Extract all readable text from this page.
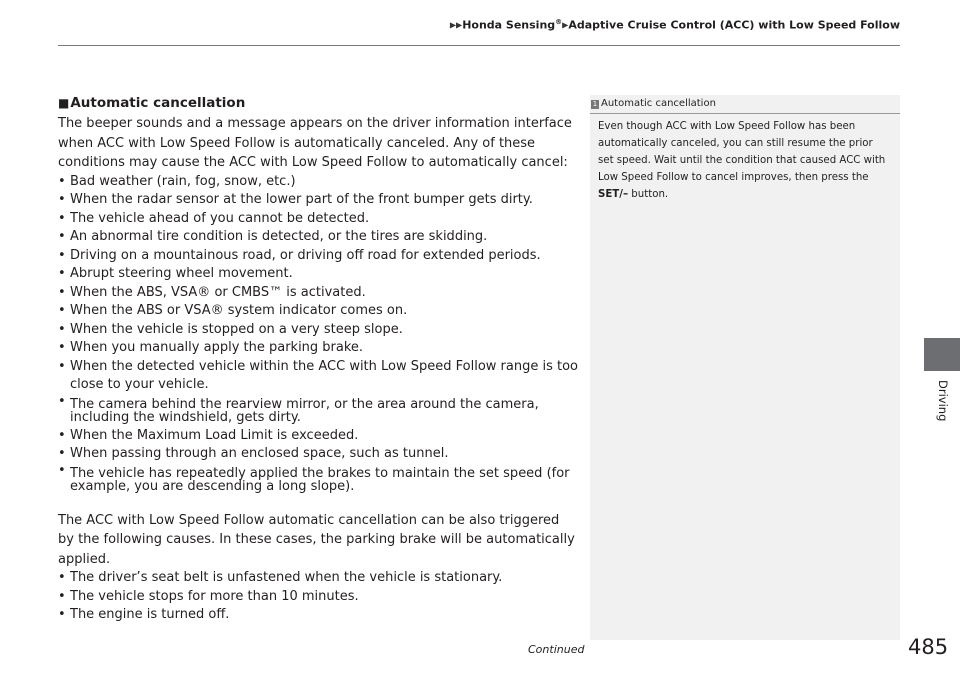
▶▶Honda Sensing®▶Adaptive Cruise Control (ACC) with Low Speed Follow
■Automatic cancellation

The beeper sounds and a message appears on the driver information interface when ACC with Low Speed Follow is automatically canceled. Any of these conditions may cause the ACC with Low Speed Follow to automatically cancel:

• Bad weather (rain, fog, snow, etc.)
• When the radar sensor at the lower part of the front bumper gets dirty.
• The vehicle ahead of you cannot be detected.
• An abnormal tire condition is detected, or the tires are skidding.
• Driving on a mountainous road, or driving off road for extended periods.
• Abrupt steering wheel movement.
• When the ABS, VSA® or CMBS™ is activated.
• When the ABS or VSA® system indicator comes on.
• When the vehicle is stopped on a very steep slope.
• When you manually apply the parking brake.
• When the detected vehicle within the ACC with Low Speed Follow range is too close to your vehicle.
• The camera behind the rearview mirror, or the area around the camera, including the windshield, gets dirty.
• When the Maximum Load Limit is exceeded.
• When passing through an enclosed space, such as tunnel.
• The vehicle has repeatedly applied the brakes to maintain the set speed (for example, you are descending a long slope).

The ACC with Low Speed Follow automatic cancellation can be also triggered by the following causes. In these cases, the parking brake will be automatically applied.

• The driver’s seat belt is unfastened when the vehicle is stationary.
• The vehicle stops for more than 10 minutes.
• The engine is turned off.
1 Automatic cancellation
Even though ACC with Low Speed Follow has been automatically canceled, you can still resume the prior set speed. Wait until the condition that caused ACC with Low Speed Follow to cancel improves, then press the SET/– button.
Driving
Continued	485
